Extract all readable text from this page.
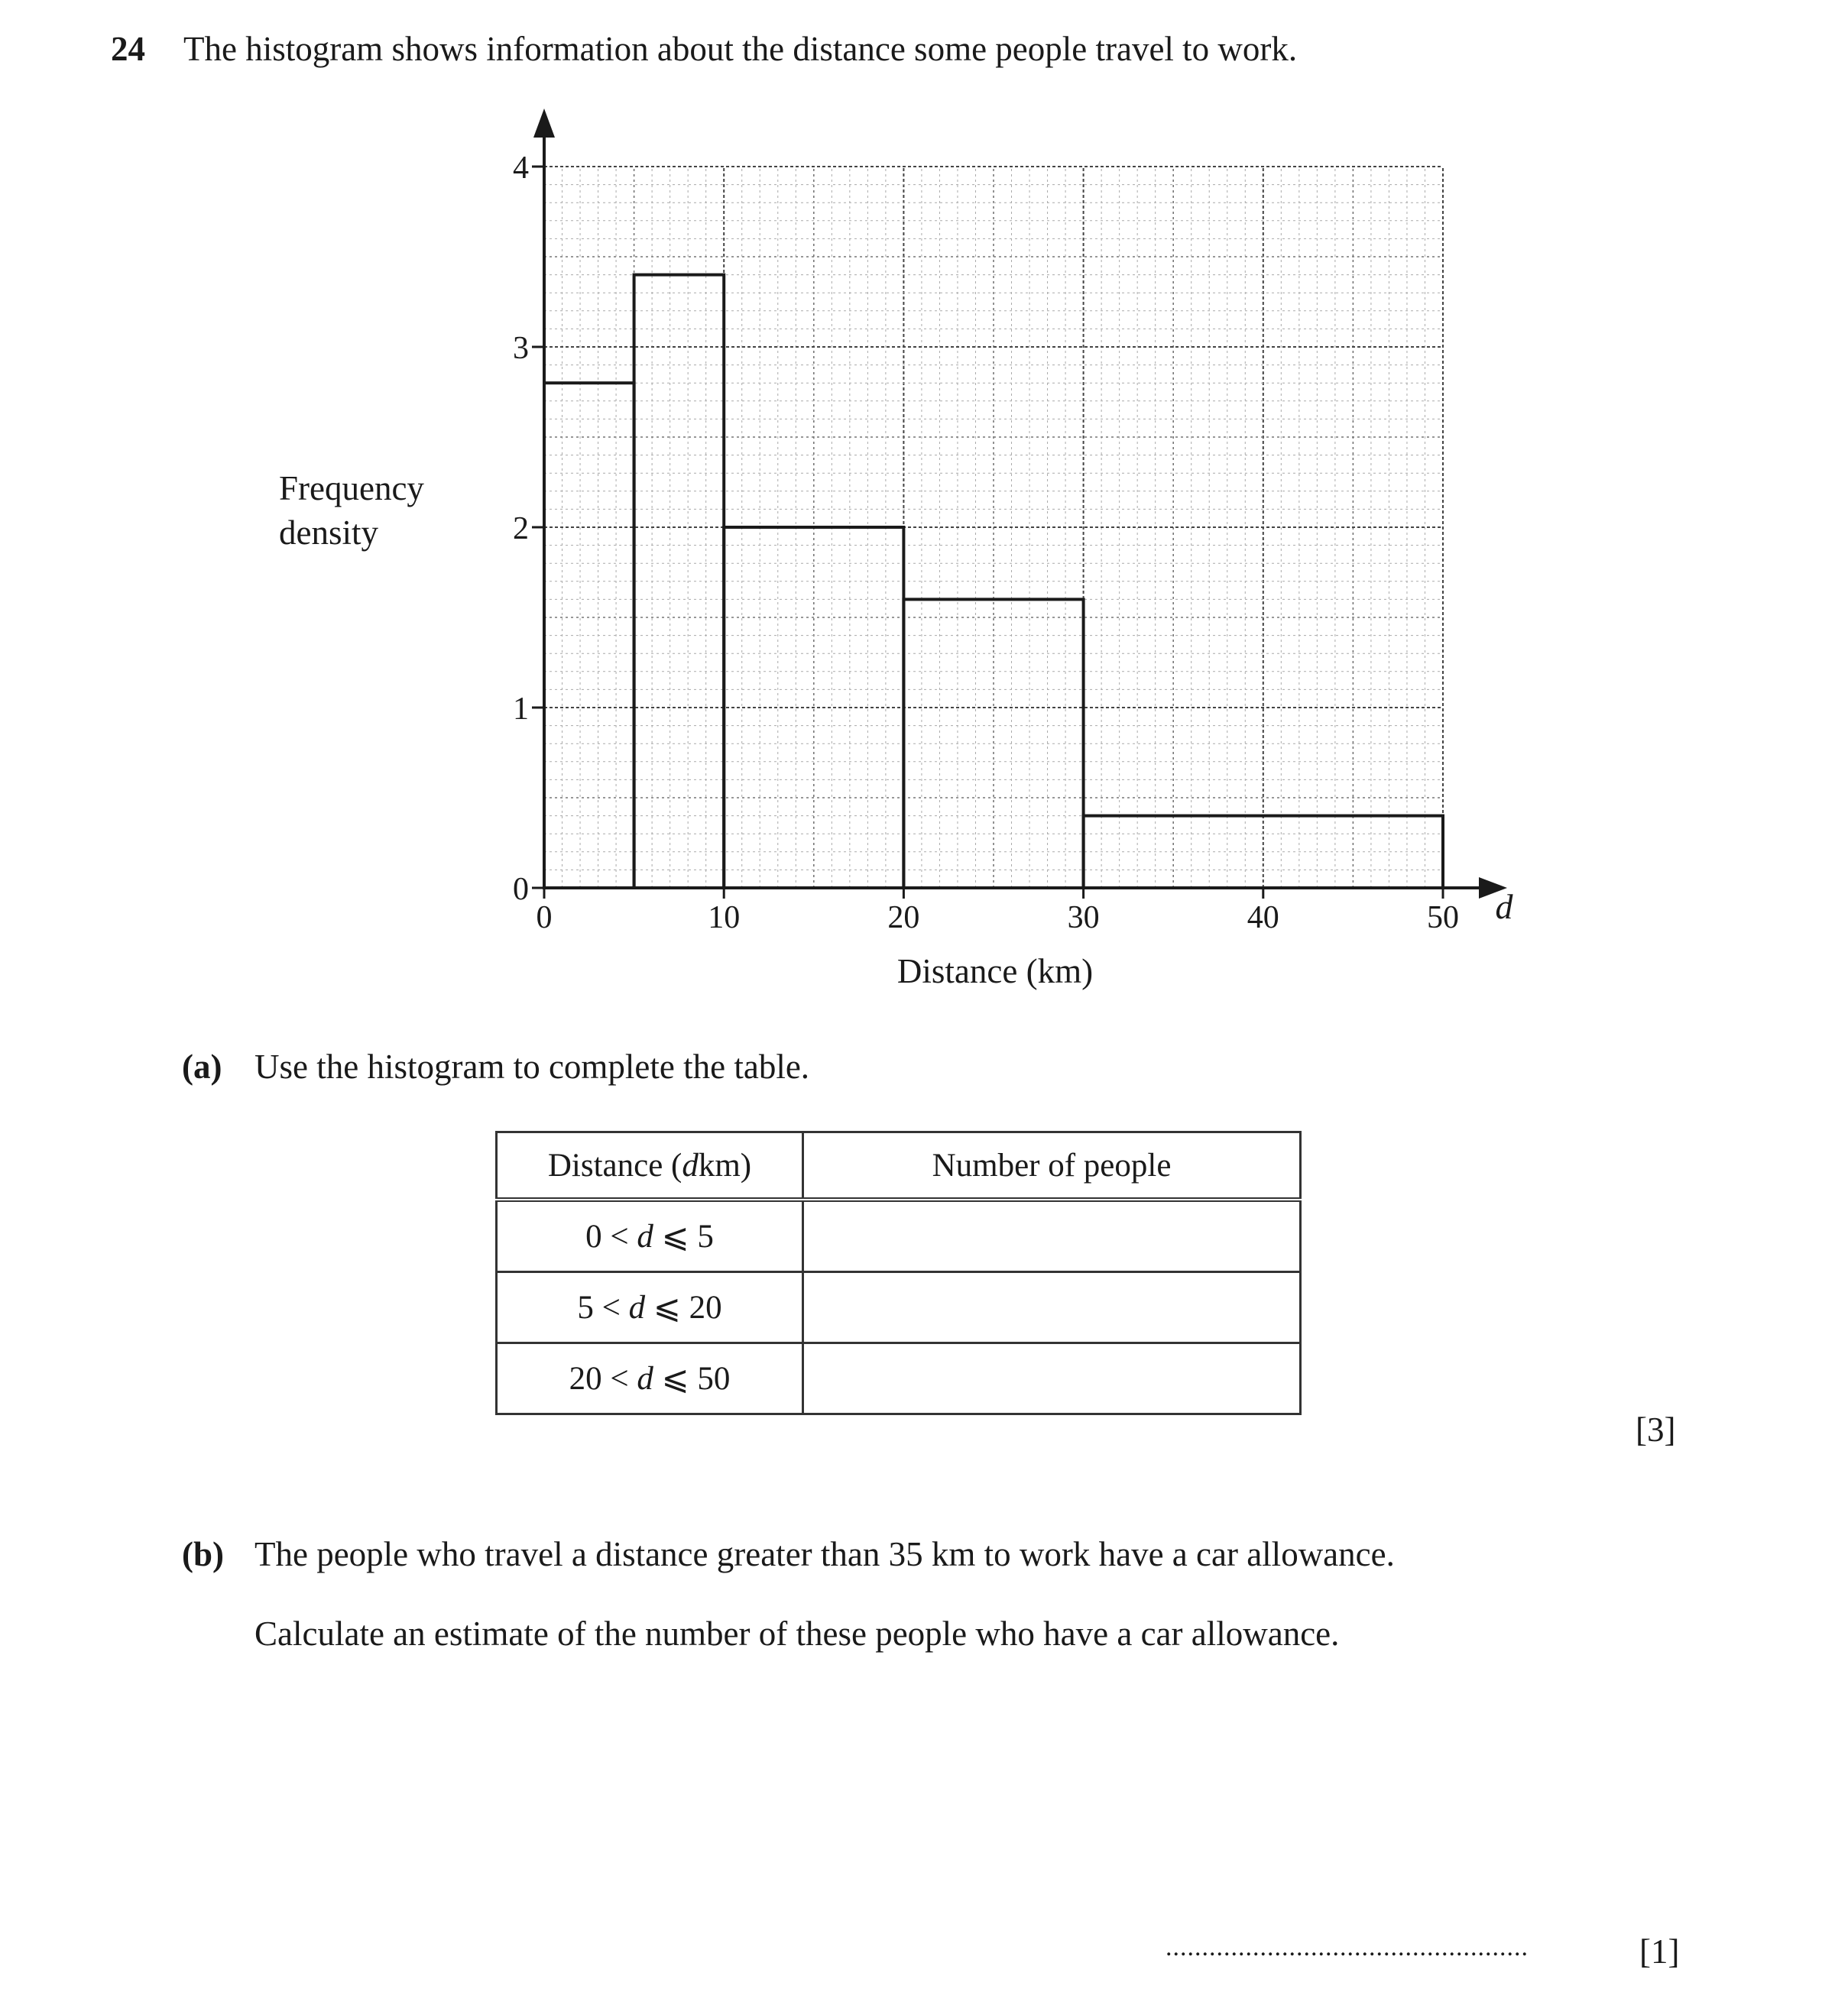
24 The histogram shows information about the distance some people travel to work.
Frequency
density
0
1
2
3
4
0	10	20	30	40	50 d
Distance (km)
(a) Use the histogram to complete the table.
Distance (dkm)	Number of people
0 < d ⩽ 5	
5 < d ⩽ 20	
20 < d ⩽ 50	
[3]
(b) The people who travel a distance greater than 35 km to work have a car allowance.
Calculate an estimate of the number of these people who have a car allowance.
..................................................	[1]
